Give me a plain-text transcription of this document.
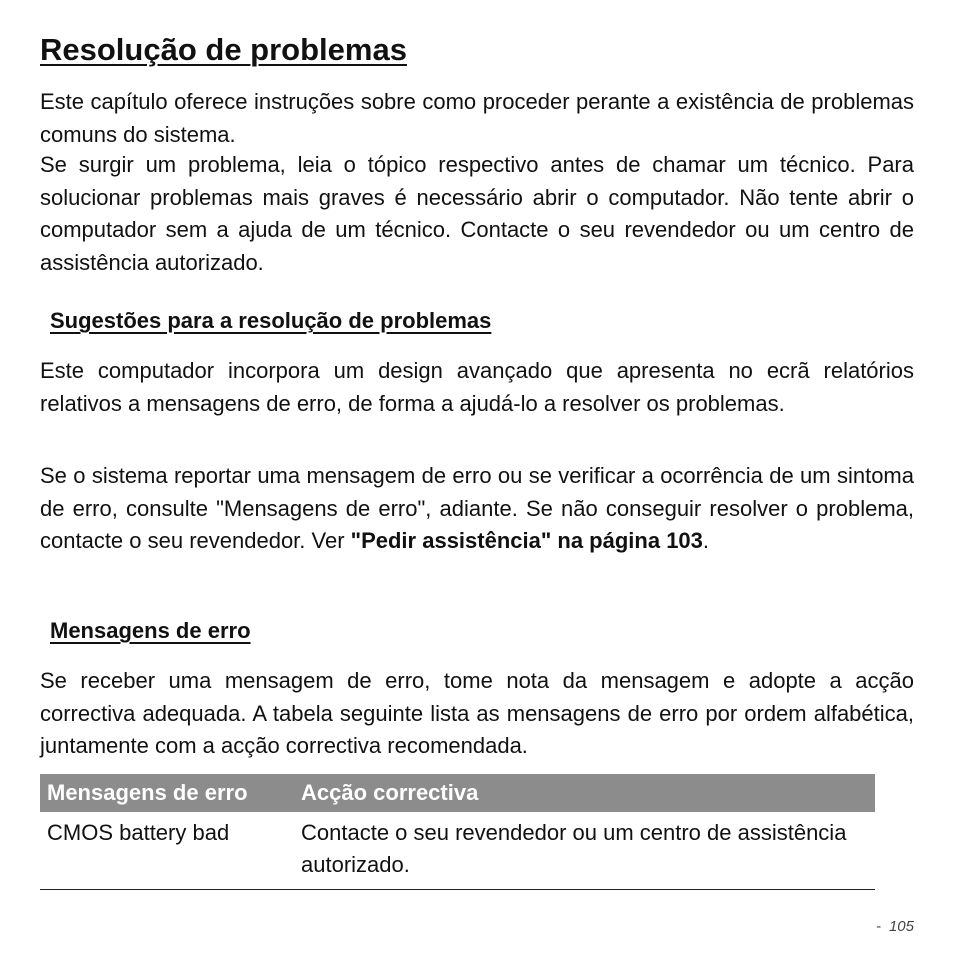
Resolução de problemas

Este capítulo oferece instruções sobre como proceder perante a existência de problemas comuns do sistema.

Se surgir um problema, leia o tópico respectivo antes de chamar um técnico. Para solucionar problemas mais graves é necessário abrir o computador. Não tente abrir o computador sem a ajuda de um técnico. Contacte o seu revendedor ou um centro de assistência autorizado.

Sugestões para a resolução de problemas

Este computador incorpora um design avançado que apresenta no ecrã relatórios relativos a mensagens de erro, de forma a ajudá-lo a resolver os problemas.

Se o sistema reportar uma mensagem de erro ou se verificar a ocorrência de um sintoma de erro, consulte "Mensagens de erro", adiante. Se não conseguir resolver o problema, contacte o seu revendedor. Ver "Pedir assistência" na página 103.

Mensagens de erro

Se receber uma mensagem de erro, tome nota da mensagem e adopte a acção correctiva adequada. A tabela seguinte lista as mensagens de erro por ordem alfabética, juntamente com a acção correctiva recomendada.

Mensagens de erro	Acção correctiva
CMOS battery bad	Contacte o seu revendedor ou um centro de assistência autorizado.
- 105
